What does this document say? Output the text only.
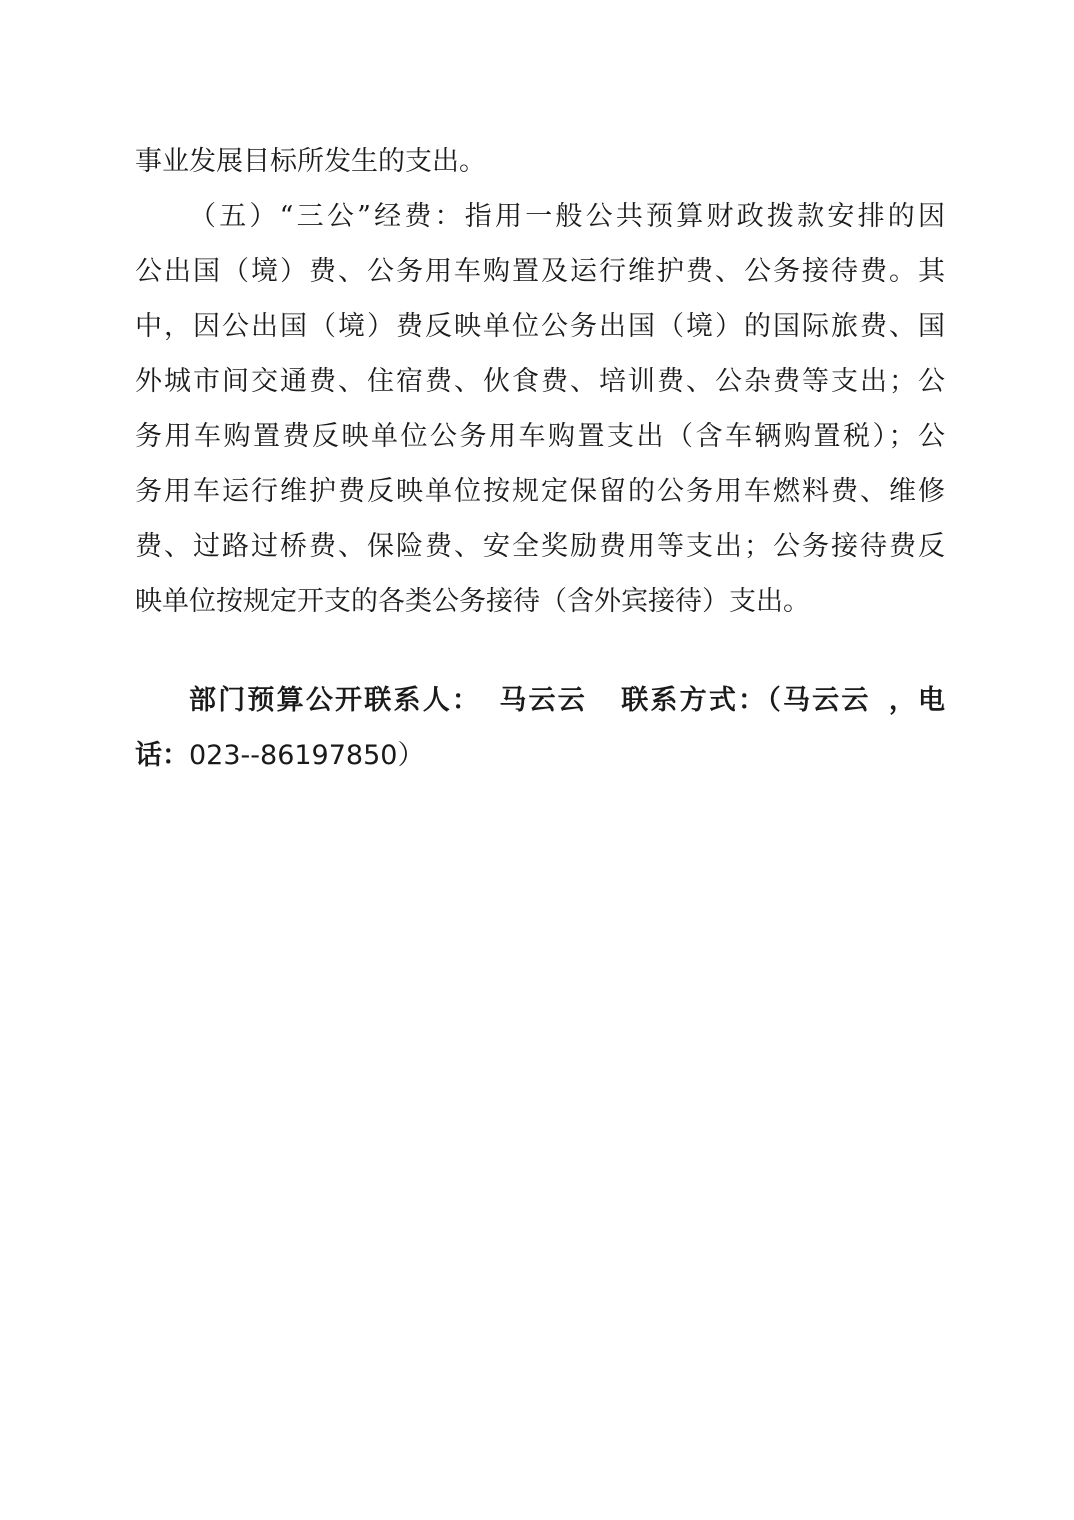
事业发展目标所发生的支出。
（五）“三公”经费：指用一般公共预算财政拨款安排的因
公出国（境）费、公务用车购置及运行维护费、公务接待费。其
中，因公出国（境）费反映单位公务出国（境）的国际旅费、国
外城市间交通费、住宿费、伙食费、培训费、公杂费等支出；公
务用车购置费反映单位公务用车购置支出（含车辆购置税）；公
务用车运行维护费反映单位按规定保留的公务用车燃料费、维修
费、过路过桥费、保险费、安全奖励费用等支出；公务接待费反
映单位按规定开支的各类公务接待（含外宾接待）支出。
部门预算公开联系人： 马云云 联系方式：（马云云 ，电
话：023--86197850）
